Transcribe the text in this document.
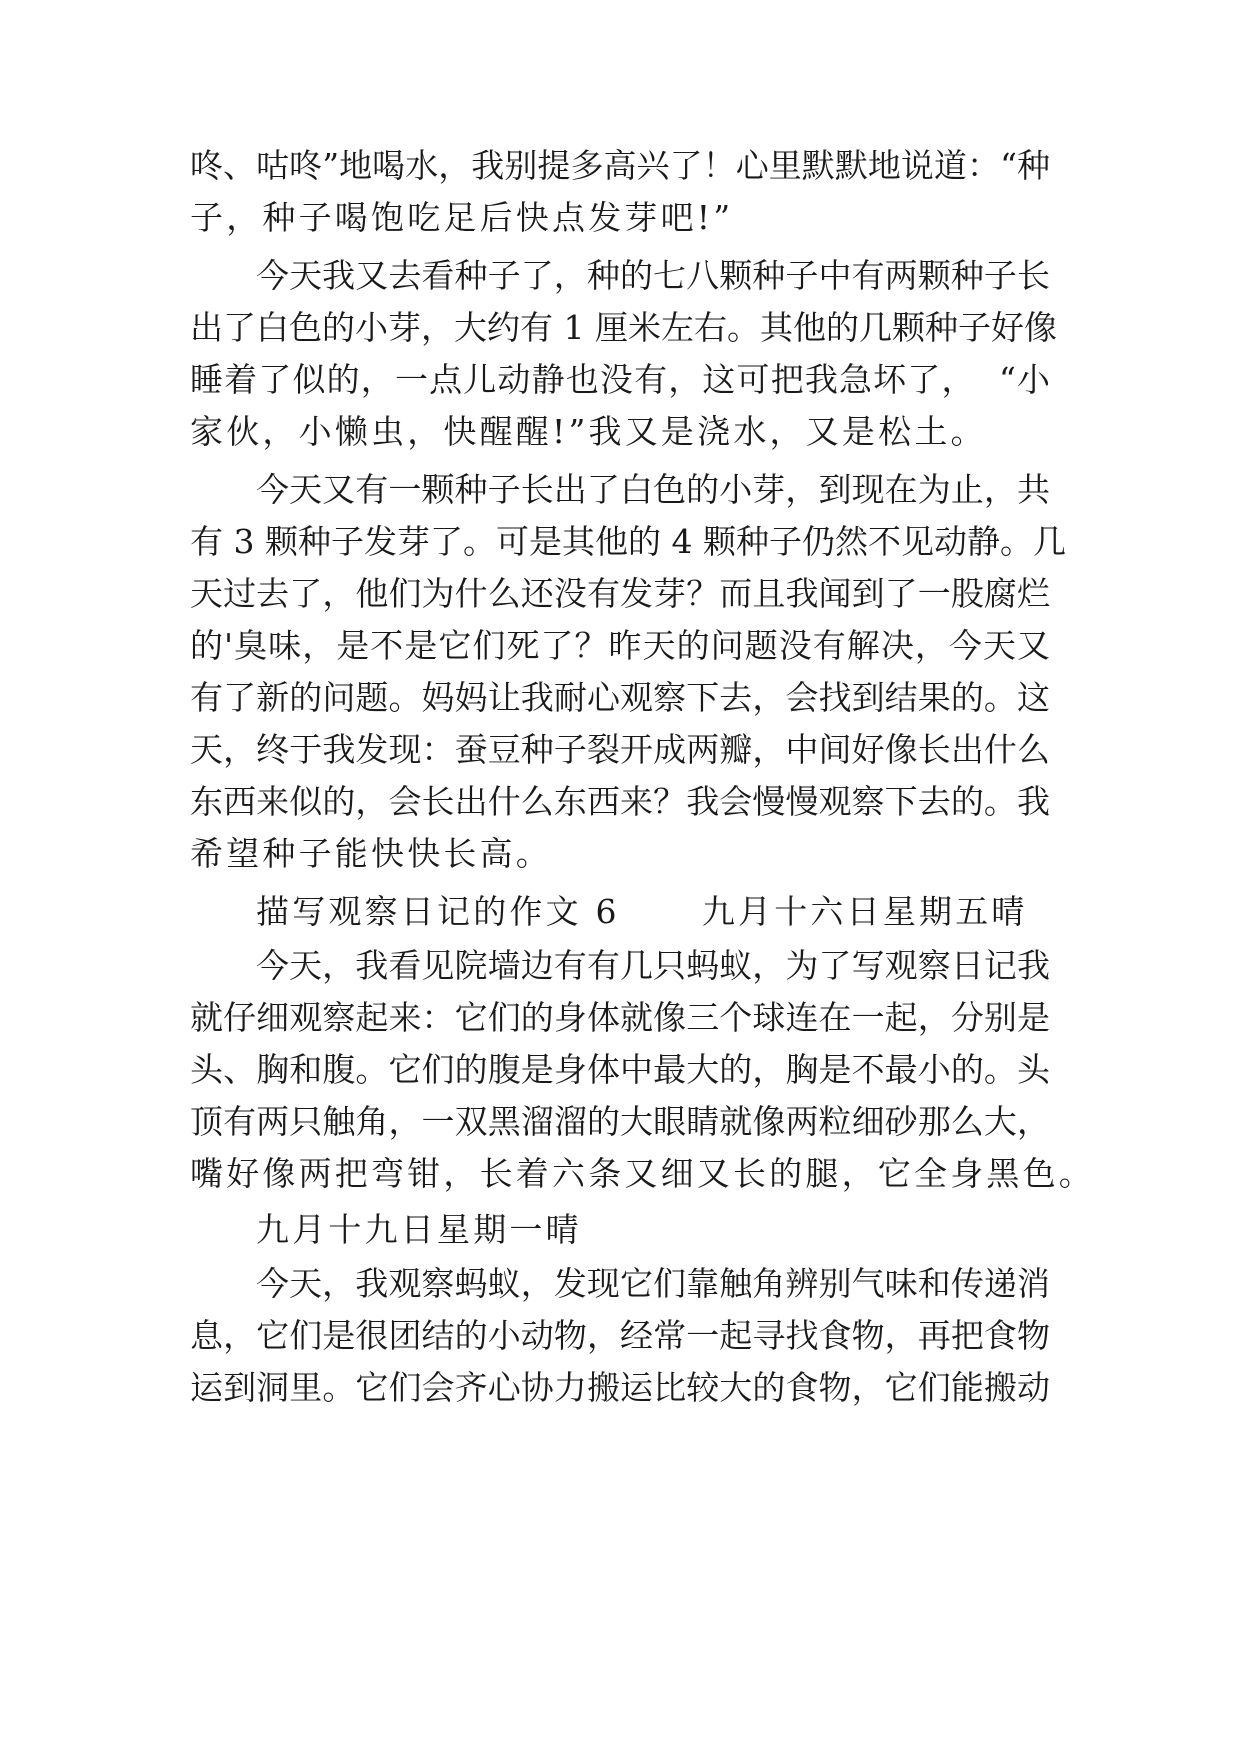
咚、咕咚”地喝水，我别提多高兴了！心里默默地说道：“种
子，种子喝饱吃足后快点发芽吧!”
今天我又去看种子了，种的七八颗种子中有两颗种子长
出了白色的小芽，大约有 1 厘米左右。其他的几颗种子好像
睡着了似的，一点儿动静也没有，这可把我急坏了，  “小
家伙，小懒虫，快醒醒!”我又是浇水，又是松土。
今天又有一颗种子长出了白色的小芽，到现在为止，共
有 3 颗种子发芽了。可是其他的 4 颗种子仍然不见动静。几
天过去了，他们为什么还没有发芽？而且我闻到了一股腐烂
的'臭味，是不是它们死了？昨天的问题没有解决，今天又
有了新的问题。妈妈让我耐心观察下去，会找到结果的。这
天，终于我发现：蚕豆种子裂开成两瓣，中间好像长出什么
东西来似的，会长出什么东西来？我会慢慢观察下去的。我
希望种子能快快长高。
描写观察日记的作文 6      九月十六日星期五晴
今天，我看见院墙边有有几只蚂蚁，为了写观察日记我
就仔细观察起来：它们的身体就像三个球连在一起，分别是
头、胸和腹。它们的腹是身体中最大的，胸是不最小的。头
顶有两只触角，一双黑溜溜的大眼睛就像两粒细砂那么大，
嘴好像两把弯钳，长着六条又细又长的腿，它全身黑色。
九月十九日星期一晴
今天，我观察蚂蚁，发现它们靠触角辨别气味和传递消
息，它们是很团结的小动物，经常一起寻找食物，再把食物
运到洞里。它们会齐心协力搬运比较大的食物，它们能搬动
